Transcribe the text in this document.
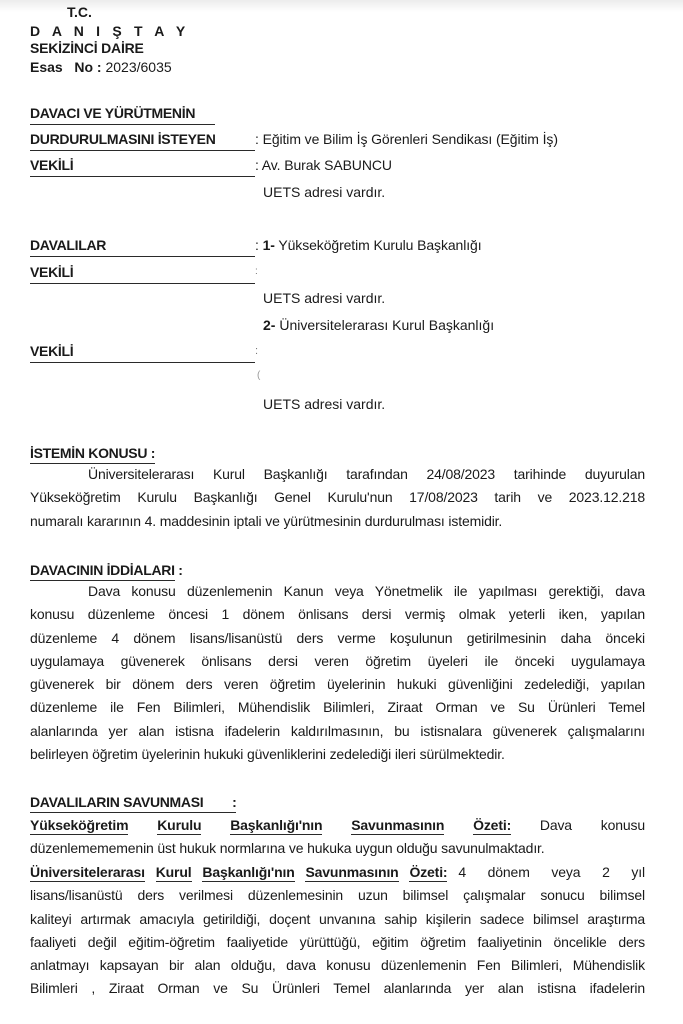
T.C.
D A N I Ş T A Y
SEKİZİNCİ DAİRE
Esas   No : 2023/6035
DAVACI VE YÜRÜTMENİN
DURDURULMASINI İSTEYEN	: Eğitim ve Bilim İş Görenleri Sendikası (Eğitim İş)
VEKİLİ	: Av. Burak SABUNCU
UETS adresi vardır.
DAVALILAR	: 1- Yükseköğretim Kurulu Başkanlığı
VEKİLİ	:
UETS adresi vardır.
2- Üniversitelerarası Kurul Başkanlığı
VEKİLİ	:
(
UETS adresi vardır.
İSTEMİN KONUSU :
Üniversitelerarası Kurul Başkanlığı tarafından 24/08/2023 tarihinde duyurulan
Yükseköğretim Kurulu Başkanlığı Genel Kurulu'nun 17/08/2023 tarih ve 2023.12.218
numaralı kararının 4. maddesinin iptali ve yürütmesinin durdurulması istemidir.
DAVACININ İDDİALARI :
Dava konusu düzenlemenin Kanun veya Yönetmelik ile yapılması gerektiği, dava
konusu düzenleme öncesi 1 dönem önlisans dersi vermiş olmak yeterli iken, yapılan
düzenleme 4 dönem lisans/lisanüstü ders verme koşulunun getirilmesinin daha önceki
uygulamaya güvenerek önlisans dersi veren öğretim üyeleri ile önceki uygulamaya
güvenerek bir dönem ders veren öğretim üyelerinin hukuki güvenliğini zedelediği, yapılan
düzenleme ile Fen Bilimleri, Mühendislik Bilimleri, Ziraat Orman ve Su Ürünleri Temel
alanlarında yer alan istisna ifadelerin kaldırılmasının, bu istisnalara güvenerek çalışmalarını
belirleyen öğretim üyelerinin hukuki güvenliklerini zedelediği ileri sürülmektedir.
DAVALILARIN SAVUNMASI        :
Yükseköğretim Kurulu Başkanlığı'nın Savunmasının Özeti: Dava konusu
düzenlemememenin üst hukuk normlarına ve hukuka uygun olduğu savunulmaktadır.
Üniversitelerarası Kurul Başkanlığı'nın Savunmasının Özeti: 4  dönem  veya  2  yıl
lisans/lisanüstü ders verilmesi düzenlemesinin uzun bilimsel çalışmalar sonucu bilimsel
kaliteyi artırmak amacıyla getirildiği, doçent unvanına sahip kişilerin sadece bilimsel araştırma
faaliyeti değil eğitim-öğretim faaliyetide yürüttüğü, eğitim öğretim faaliyetinin öncelikle ders
anlatmayı kapsayan bir alan olduğu, dava konusu düzenlemenin Fen Bilimleri, Mühendislik
Bilimleri , Ziraat Orman ve Su Ürünleri Temel alanlarında yer alan istisna ifadelerin
